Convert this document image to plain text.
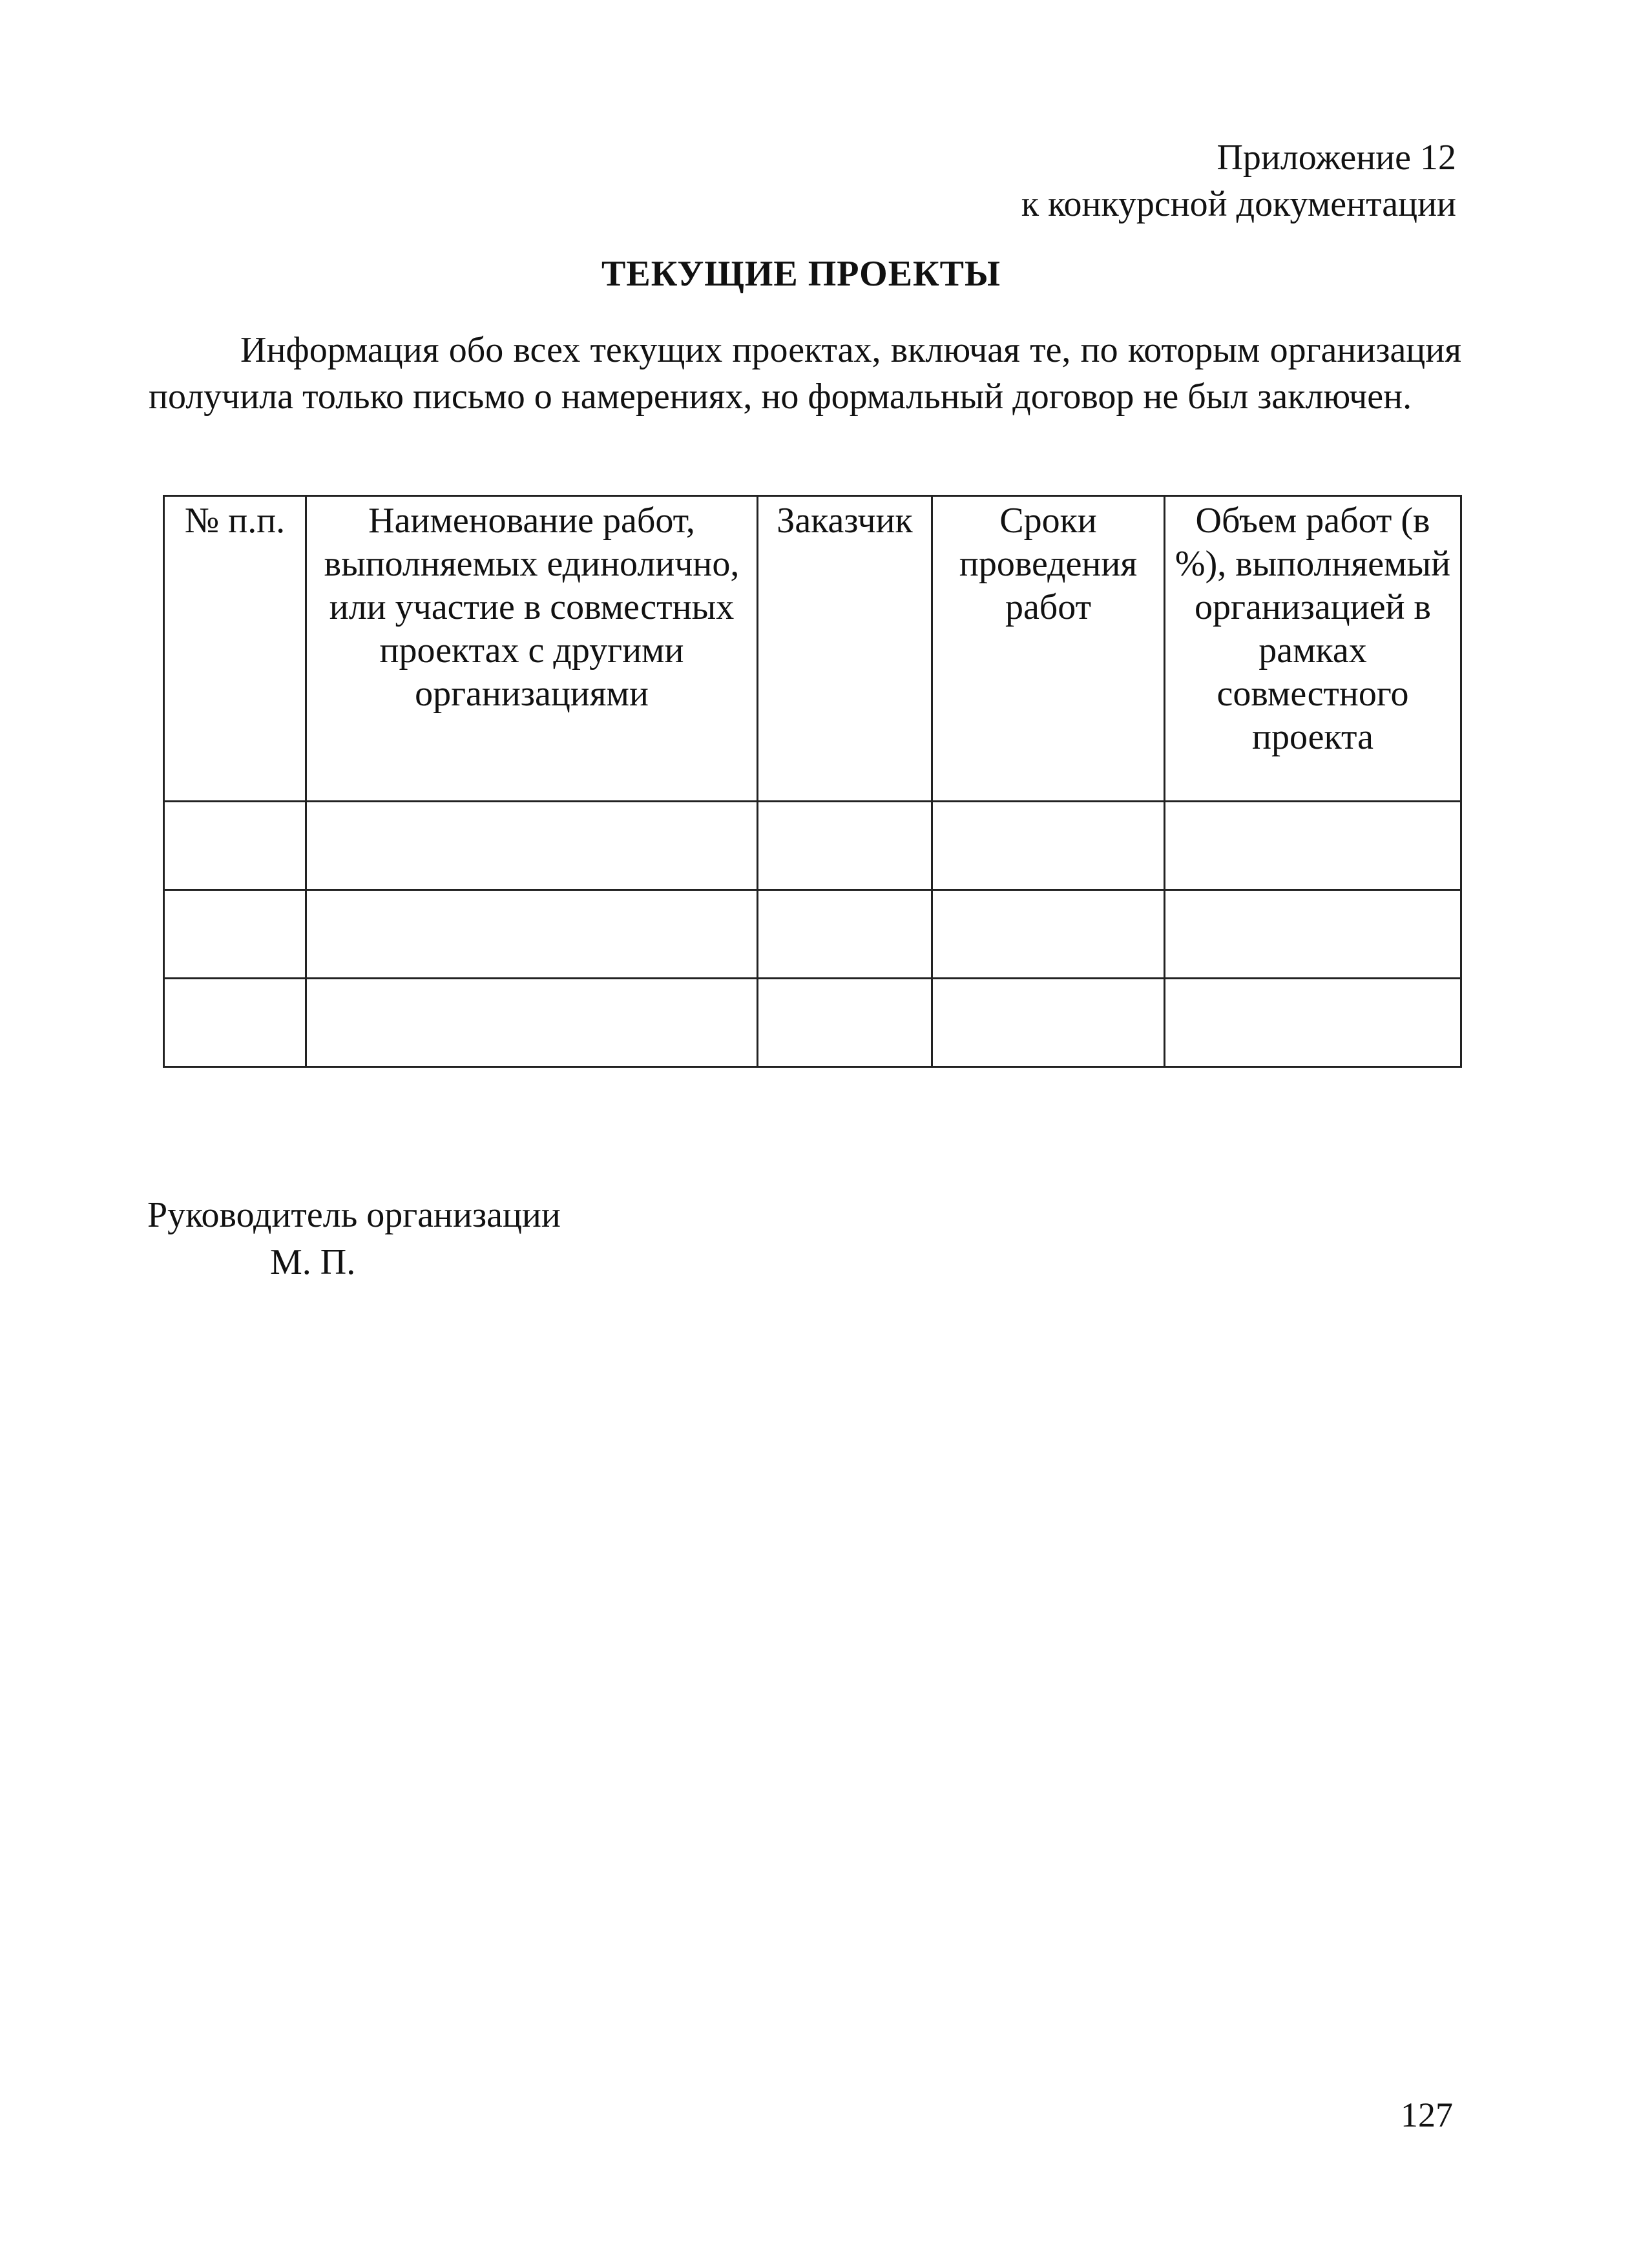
Приложение 12
к конкурсной документации
ТЕКУЩИЕ ПРОЕКТЫ
Информация обо всех текущих проектах, включая те, по которым организация получила только письмо о намерениях, но формальный договор не был заключен.
№ п.п.	Наименование работ, выполняемых единолично, или участие в совместных проектах с другими организациями	Заказчик	Сроки проведения работ	Объем работ (в %), выполняемый организацией в рамках совместного проекта

Руководитель организации
М. П.
127
